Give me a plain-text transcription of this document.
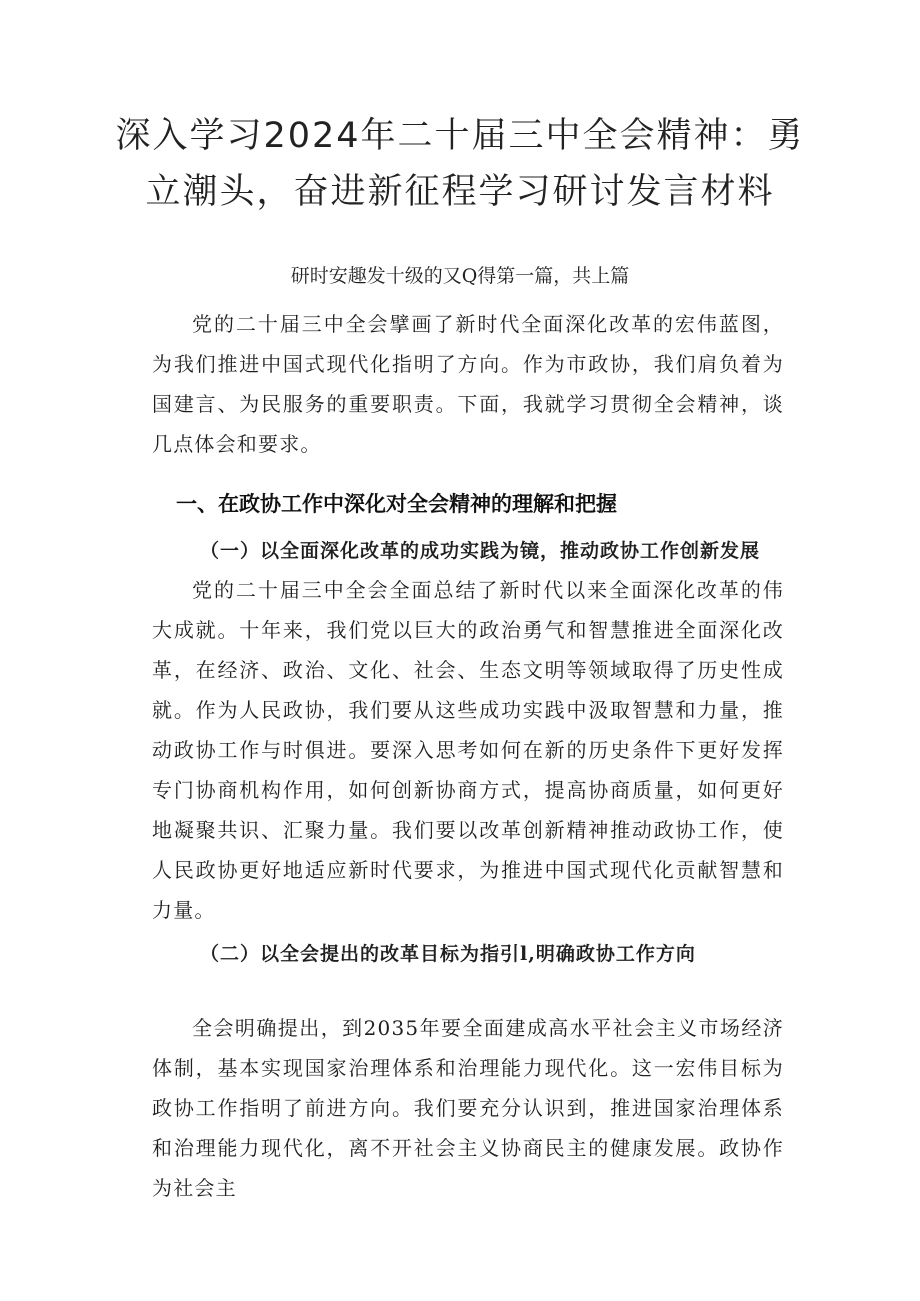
深入学习2024年二十届三中全会精神：勇立潮头，奋进新征程学习研讨发言材料

研时安趣发十级的又Q得第一篇，共上篇

党的二十届三中全会擘画了新时代全面深化改革的宏伟蓝图，为我们推进中国式现代化指明了方向。作为市政协，我们肩负着为国建言、为民服务的重要职责。下面，我就学习贯彻全会精神，谈几点体会和要求。

一、在政协工作中深化对全会精神的理解和把握
（一）以全面深化改革的成功实践为镜，推动政协工作创新发展

党的二十届三中全会全面总结了新时代以来全面深化改革的伟大成就。十年来，我们党以巨大的政治勇气和智慧推进全面深化改革，在经济、政治、文化、社会、生态文明等领域取得了历史性成就。作为人民政协，我们要从这些成功实践中汲取智慧和力量，推动政协工作与时俱进。要深入思考如何在新的历史条件下更好发挥专门协商机构作用，如何创新协商方式，提高协商质量，如何更好地凝聚共识、汇聚力量。我们要以改革创新精神推动政协工作，使人民政协更好地适应新时代要求，为推进中国式现代化贡献智慧和力量。

（二）以全会提出的改革目标为指引l,明确政协工作方向

全会明确提出，到2035年要全面建成高水平社会主义市场经济体制，基本实现国家治理体系和治理能力现代化。这一宏伟目标为政协工作指明了前进方向。我们要充分认识到，推进国家治理体系和治理能力现代化，离不开社会主义协商民主的健康发展。政协作为社会主
